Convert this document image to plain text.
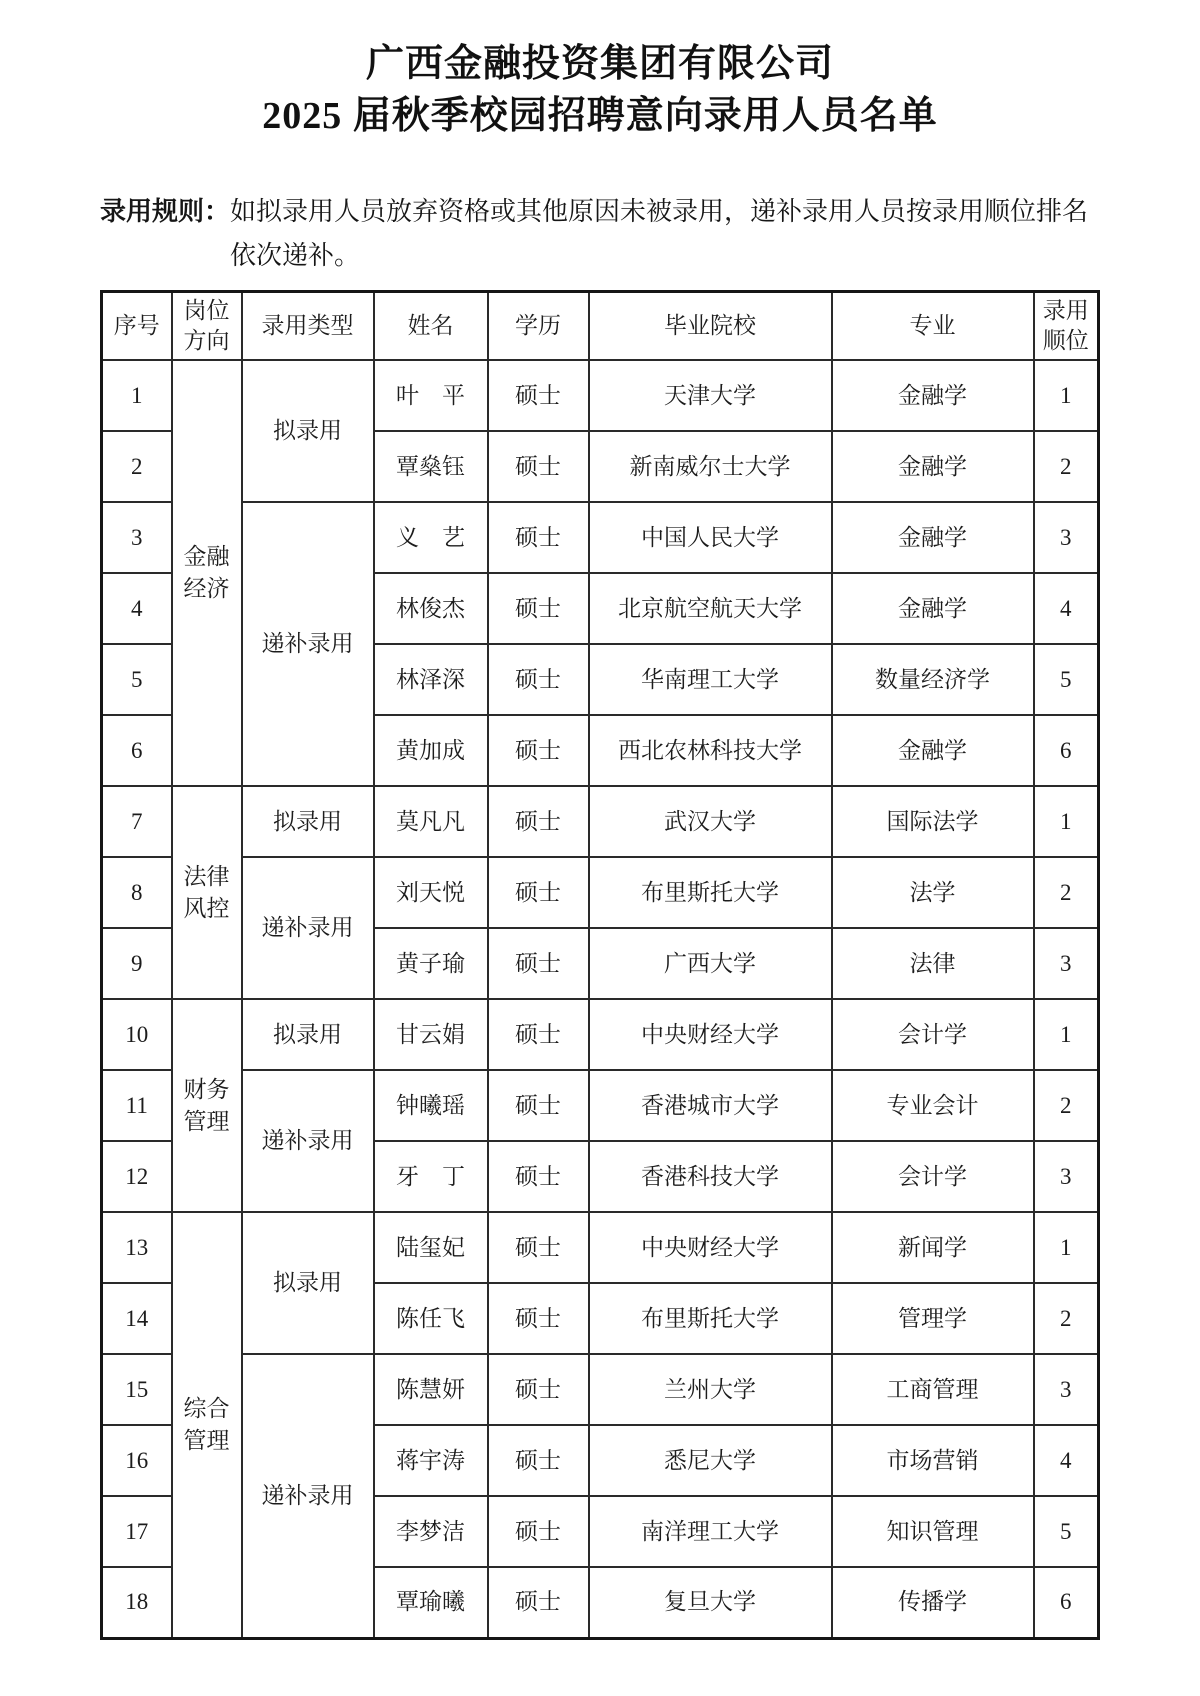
广西金融投资集团有限公司
2025 届秋季校园招聘意向录用人员名单
录用规则： 如拟录用人员放弃资格或其他原因未被录用，递补录用人员按录用顺位排名依次递补。
序号	岗位方向	录用类型	姓名	学历	毕业院校	专业	录用顺位
1	金融经济	拟录用	叶　平	硕士	天津大学	金融学	1
2			覃燊钰	硕士	新南威尔士大学	金融学	2
3		递补录用	义　艺	硕士	中国人民大学	金融学	3
4			林俊杰	硕士	北京航空航天大学	金融学	4
5			林泽深	硕士	华南理工大学	数量经济学	5
6			黄加成	硕士	西北农林科技大学	金融学	6
7	法律风控	拟录用	莫凡凡	硕士	武汉大学	国际法学	1
8		递补录用	刘天悦	硕士	布里斯托大学	法学	2
9			黄子瑜	硕士	广西大学	法律	3
10	财务管理	拟录用	甘云娟	硕士	中央财经大学	会计学	1
11		递补录用	钟曦瑶	硕士	香港城市大学	专业会计	2
12			牙　丁	硕士	香港科技大学	会计学	3
13	综合管理	拟录用	陆玺妃	硕士	中央财经大学	新闻学	1
14			陈任飞	硕士	布里斯托大学	管理学	2
15		递补录用	陈慧妍	硕士	兰州大学	工商管理	3
16			蒋宇涛	硕士	悉尼大学	市场营销	4
17			李梦洁	硕士	南洋理工大学	知识管理	5
18			覃瑜曦	硕士	复旦大学	传播学	6
